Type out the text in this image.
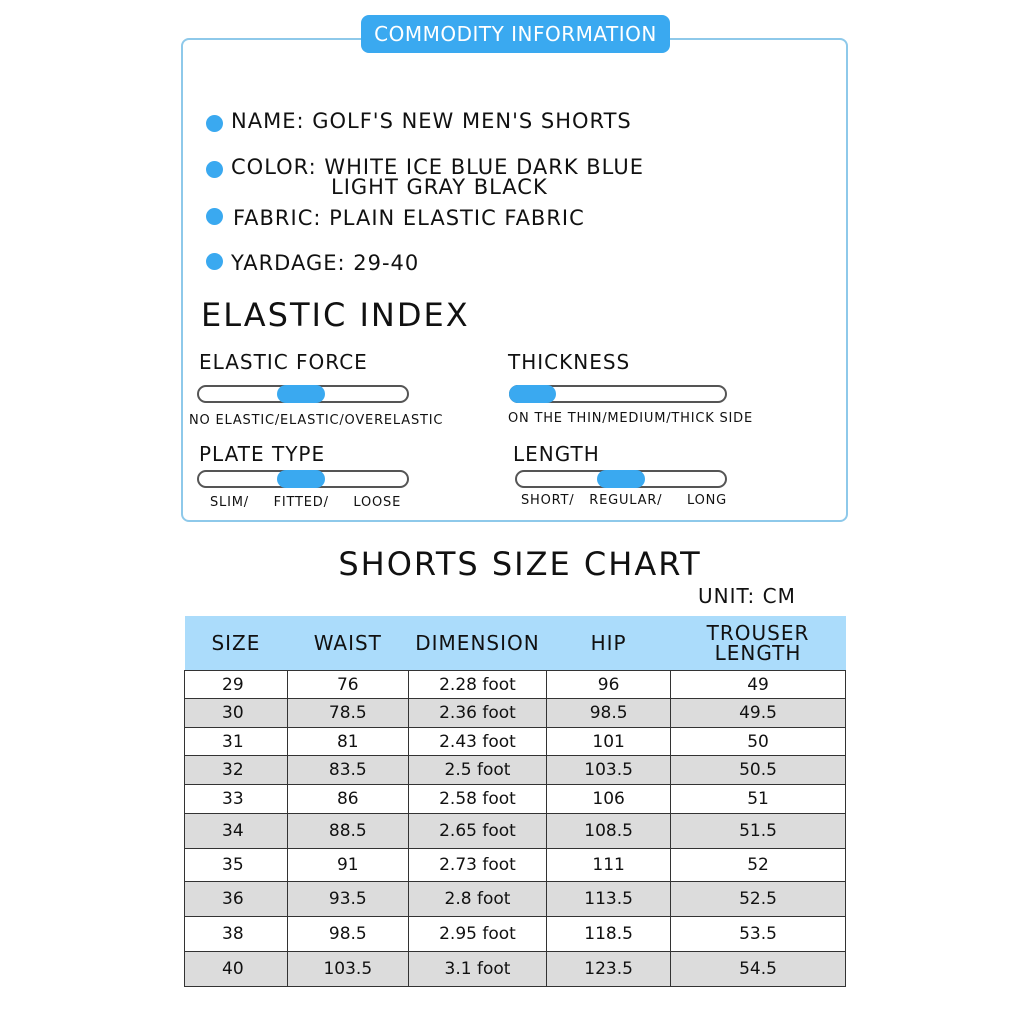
COMMODITY INFORMATION
NAME: GOLF'S NEW MEN'S SHORTS
COLOR: WHITE ICE BLUE DARK BLUE
LIGHT GRAY BLACK
FABRIC: PLAIN ELASTIC FABRIC
YARDAGE: 29-40
ELASTIC INDEX
ELASTIC FORCE
NO ELASTIC/ELASTIC/OVERELASTIC
THICKNESS
ON THE THIN/MEDIUM/THICK SIDE
PLATE TYPE
SLIM/     FITTED/     LOOSE
LENGTH
SHORT/   REGULAR/     LONG
SHORTS SIZE CHART
UNIT: CM
SIZE	WAIST	DIMENSION	HIP	TROUSER LENGTH
29	76	2.28 foot	96	49
30	78.5	2.36 foot	98.5	49.5
31	81	2.43 foot	101	50
32	83.5	2.5 foot	103.5	50.5
33	86	2.58 foot	106	51
34	88.5	2.65 foot	108.5	51.5
35	91	2.73 foot	111	52
36	93.5	2.8 foot	113.5	52.5
38	98.5	2.95 foot	118.5	53.5
40	103.5	3.1 foot	123.5	54.5
